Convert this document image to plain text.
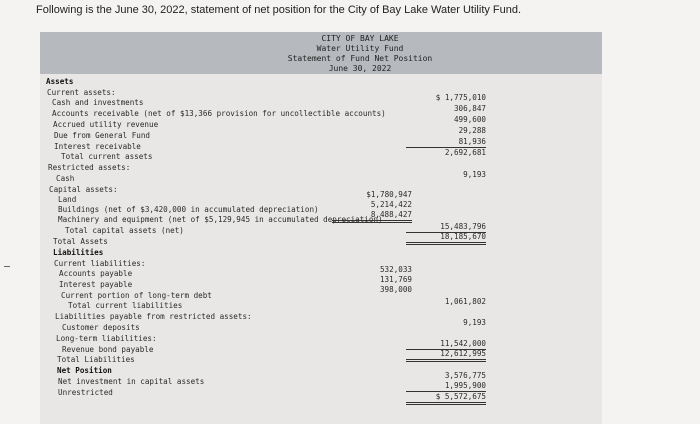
Following is the June 30, 2022, statement of net position for the City of Bay Lake Water Utility Fund.
CITY OF BAY LAKE
Water Utility Fund
Statement of Fund Net Position
June 30, 2022
Assets
Current assets:
Cash and investments
Accounts receivable (net of $13,366 provision for uncollectible accounts)
Accrued utility revenue
Due from General Fund
Interest receivable
Total current assets
Restricted assets:
Cash
Capital assets:
Land
Buildings (net of $3,420,000 in accumulated depreciation)
Machinery and equipment (net of $5,129,945 in accumulated depreciation)
Total capital assets (net)
Total Assets
Liabilities
Current liabilities:
Accounts payable
Interest payable
Current portion of long-term debt
Total current liabilities
Liabilities payable from restricted assets:
Customer deposits
Long-term liabilities:
Revenue bond payable
Total Liabilities
Net Position
Net investment in capital assets
Unrestricted
$ 1,775,010
306,847
499,600
29,288
81,936
2,692,681
9,193
15,483,796
18,185,670
1,061,802
9,193
11,542,000
12,612,995
3,576,775
1,995,900
$ 5,572,675
$1,780,947
5,214,422
8,488,427
532,033
131,769
398,000
